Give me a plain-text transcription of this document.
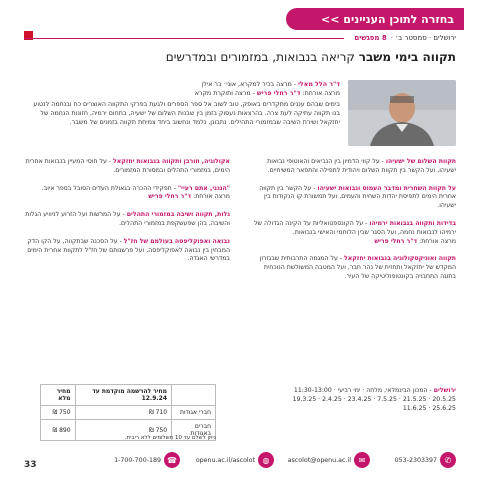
בחזרה לתוכן העניינים >>
ירושלים · סמסטר ב׳ ·
8 מפגשים
תקווה בימי משבר קריאה בנבואות, במזמורים ובמדרשים
ד"ר הלל מאלי - מרצה בכיר למקרא, אוני׳ בר אילן
מרצה אורחת: ד"ר רחלי פריש - מרצה ותוקרת מקרא
בימים שבהם עננים מתקדרים באופק, טוב לשוב אל ספר הספרים ולגעת בפרקי התקווה האוצרים כח ובנחמה לנטוע בנו תקווה עתיקה לעת צרה. בהרצאות נעסוק בזמן בין שבנות השלום של ישעיה, בתחום ירמיה, חזונות הנחמה של יחזקאל ושירת השיבה שבמזמורי התהילים. נתבונן, נלמד ונחשוב ביחד צמיחת תקווה בזמנים של משבר.
תקוות השלום של ישעיהו - על קווי הדמיון בין הנביאים והאוטופי נבואות ישעיהו, ועל הקשר בין תקוות השלום ויהודית לתפילה והתפאר המשיחיים.
על תקוות השחרית ומדבר העמוס ונבואות ישעיהו - על הקשר בין תקווה אחרית הימים לתפיסת יהדות השחית והעמים, ועל תמשורת קו הנקודות בין ישעיהו.
בדידות ותקווה בנבואות ירמיהו - על הקונספטואליות על הקינה הגדולה של ירמיהו לנבואות נחמה, ועל הסגר שבין הלוחמי והאישי בנבואות.
מרצה אורחת: ד"ר רחלי פריש
תקווה ואוניקסקולוגיה בנבואות יחזקאל - על המגמה התרבותית שבגזרון המקדש של יחזקאל ותחזית של נהר חבר, ועל המטבה המשולשת הנוכחית בתוגה התחבויה בקונטופוליטיקה של העיר.
אקולוגיה, חורבן ותקווה בנבואות יחזקאל - על חוסי המעיין בנבואות אחרית הימים, במזמורי התהלים ובמסורת המזמורים.
"הנגני, אתם רעיי" - תפקידי ההכרה בגאולת העדים הסובל בספר איוב.
מרצה אורחת: ד"ר רחלי פריש
גלות, תקווה ושיבה במזמורי התהלים - על המרשות ועל הזרוע לניוויע הגלות והשיבה, בהן שפעשקפת במזמורי התהלים.
נבואה ואפוקליפסה בעולמם של חז"ל - על הסכנה שבתקווה, על הקו הדק המבחין בין נבואה לאפוקליפסה, ועל פרשנותם של חז"ל לתקוות אחרית הימים במדרשי האגדה.
ירושלים - המכון הבינמלאי, מלחה · ימי רביעי · 11:30-13:00
20.5.25 · 21.5.25 · 7.5.25 · 23.4.25 · 2.4.25 · 19.3.25
25.6.25 · 11.6.25
	מחיר להרשמה מוקדמת עד 12.9.24	מחיר מלא
חברי אגודות	710 ₪	750 ₪
חברים באגודות	750 ₪	890 ₪
ניתן לשלם עד 10 תשלומים ללא ריבית.
✆
053-2303397
✉
ascolot@openu.ac.il
◍
openu.ac.il/ascolot
☎
1-700-700-189
33
